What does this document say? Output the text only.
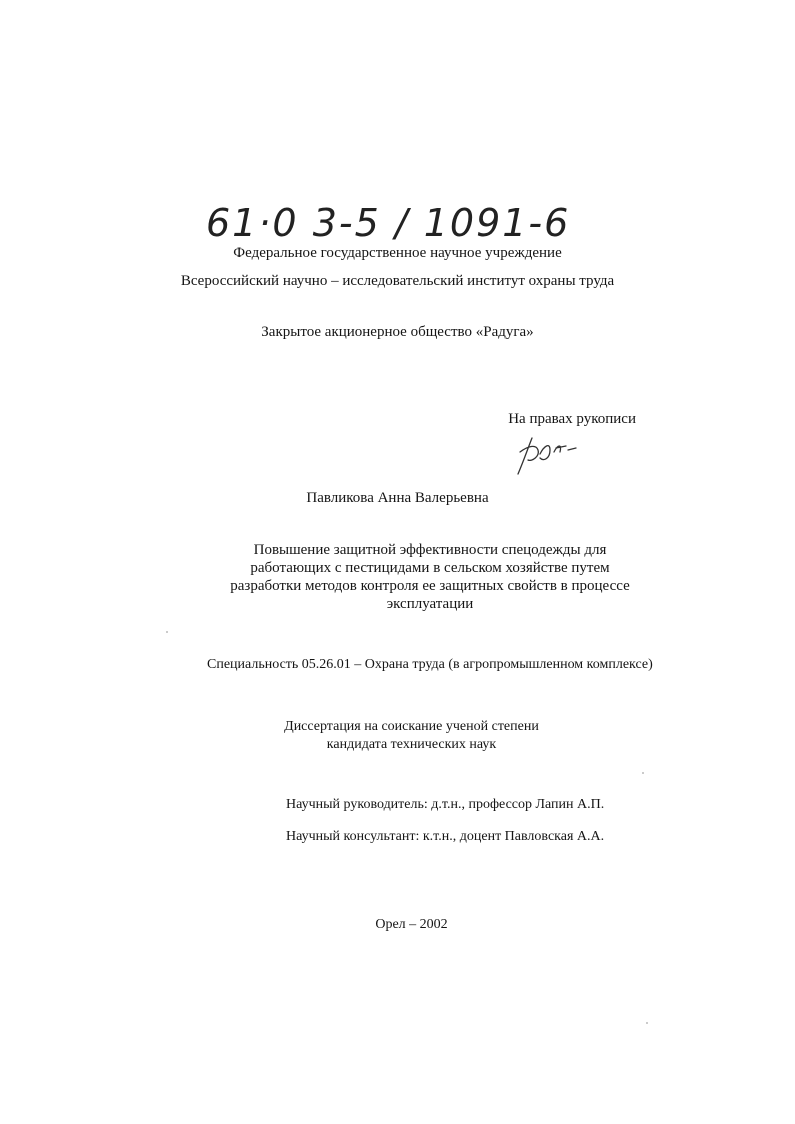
61·0 3-5 / 1091-6
Федеральное государственное научное учреждение
Всероссийский научно – исследовательский институт охраны труда
Закрытое акционерное общество «Радуга»
На правах рукописи
Павликова Анна Валерьевна
Повышение защитной эффективности спецодежды для
работающих с пестицидами в сельском хозяйстве путем
разработки методов контроля ее защитных свойств в процессе
эксплуатации
Специальность 05.26.01 – Охрана труда (в агропромышленном комплексе)
Диссертация на соискание ученой степени
кандидата технических наук
Научный руководитель: д.т.н., профессор Лапин А.П.
Научный консультант: к.т.н., доцент Павловская А.А.
Орел – 2002
